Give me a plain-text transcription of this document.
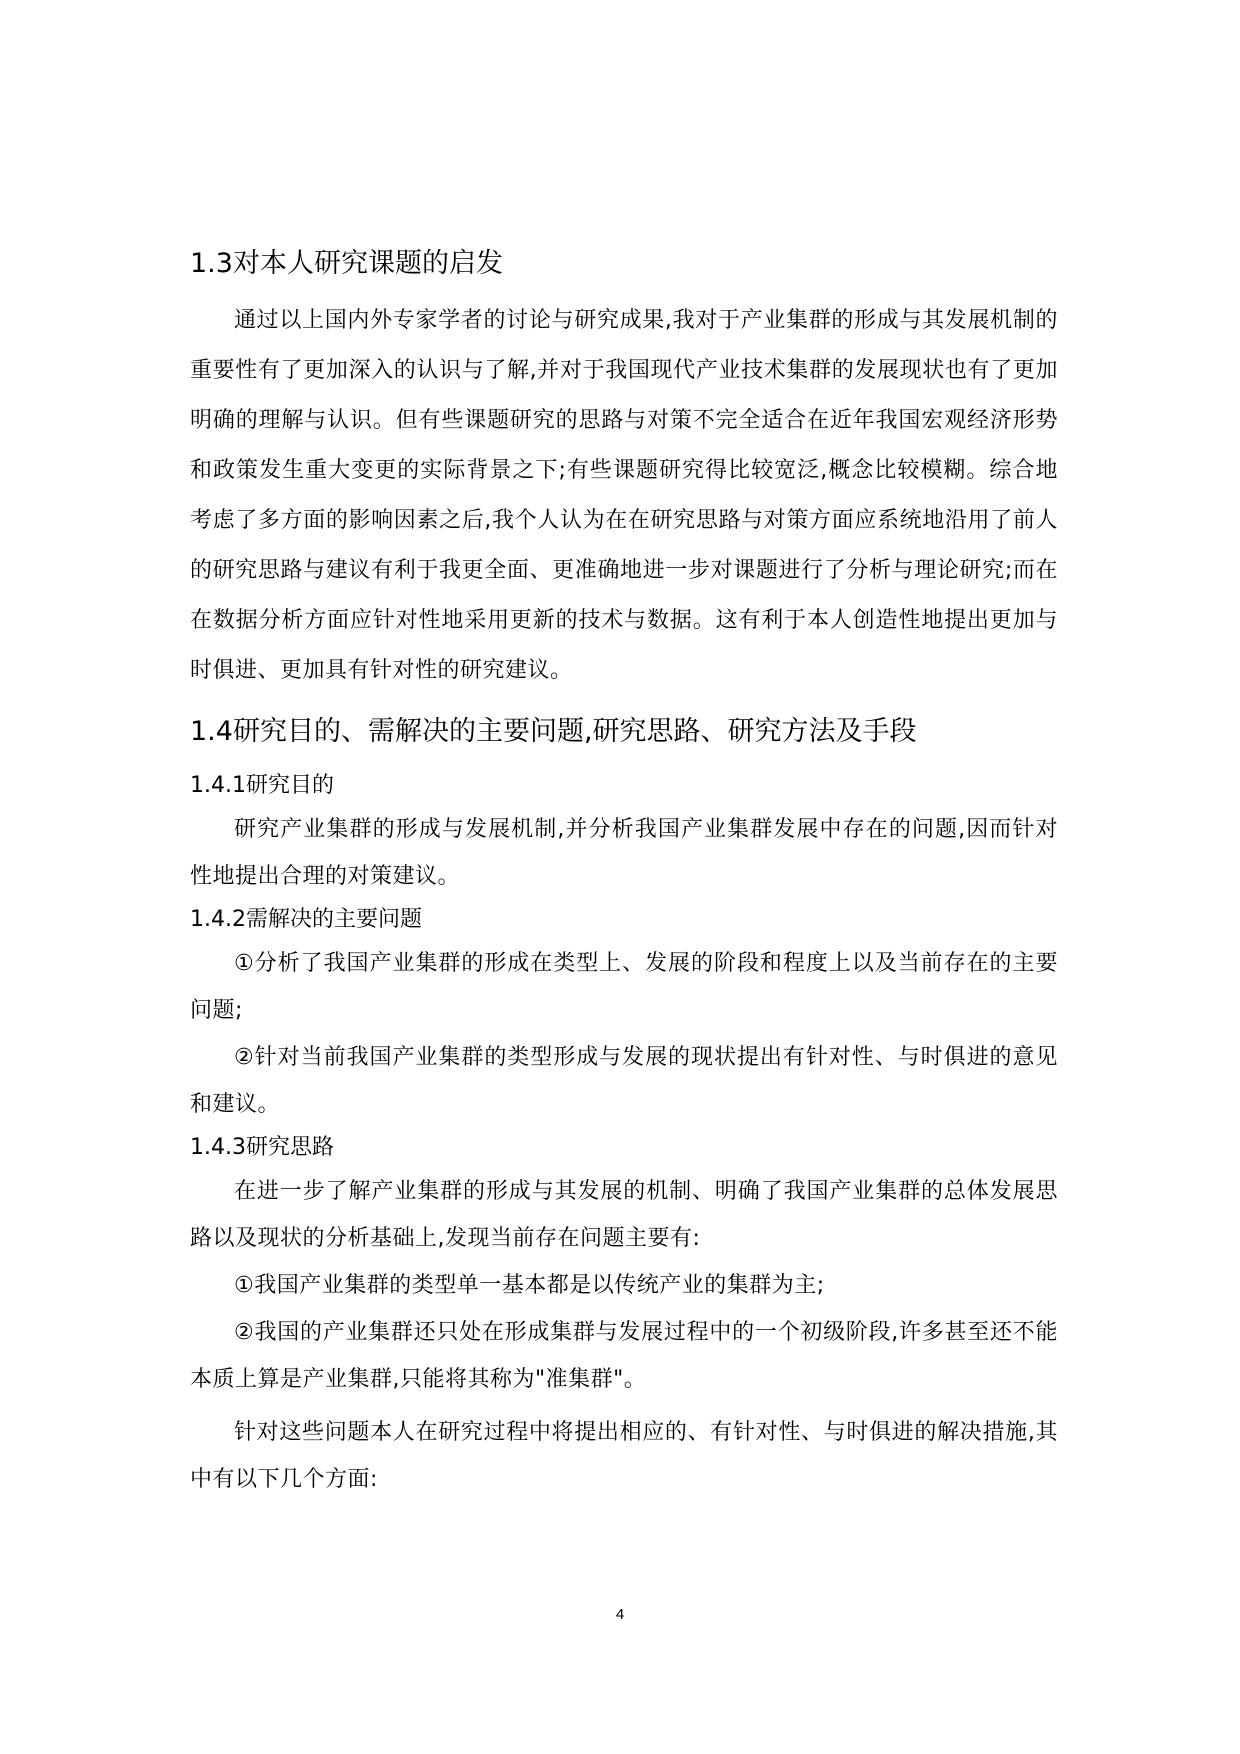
1.3对本人研究课题的启发

通过以上国内外专家学者的讨论与研究成果,我对于产业集群的形成与其发展机制的重要性有了更加深入的认识与了解,并对于我国现代产业技术集群的发展现状也有了更加明确的理解与认识。但有些课题研究的思路与对策不完全适合在近年我国宏观经济形势和政策发生重大变更的实际背景之下;有些课题研究得比较宽泛,概念比较模糊。综合地考虑了多方面的影响因素之后,我个人认为在在研究思路与对策方面应系统地沿用了前人的研究思路与建议有利于我更全面、更准确地进一步对课题进行了分析与理论研究;而在在数据分析方面应针对性地采用更新的技术与数据。这有利于本人创造性地提出更加与时俱进、更加具有针对性的研究建议。

1.4研究目的、需解决的主要问题,研究思路、研究方法及手段
1.4.1研究目的

研究产业集群的形成与发展机制,并分析我国产业集群发展中存在的问题,因而针对性地提出合理的对策建议。

1.4.2需解决的主要问题

①分析了我国产业集群的形成在类型上、发展的阶段和程度上以及当前存在的主要问题;

②针对当前我国产业集群的类型形成与发展的现状提出有针对性、与时俱进的意见和建议。

1.4.3研究思路

在进一步了解产业集群的形成与其发展的机制、明确了我国产业集群的总体发展思路以及现状的分析基础上,发现当前存在问题主要有:

①我国产业集群的类型单一基本都是以传统产业的集群为主;

②我国的产业集群还只处在形成集群与发展过程中的一个初级阶段,许多甚至还不能本质上算是产业集群,只能将其称为"准集群"。

针对这些问题本人在研究过程中将提出相应的、有针对性、与时俱进的解决措施,其中有以下几个方面:

4
